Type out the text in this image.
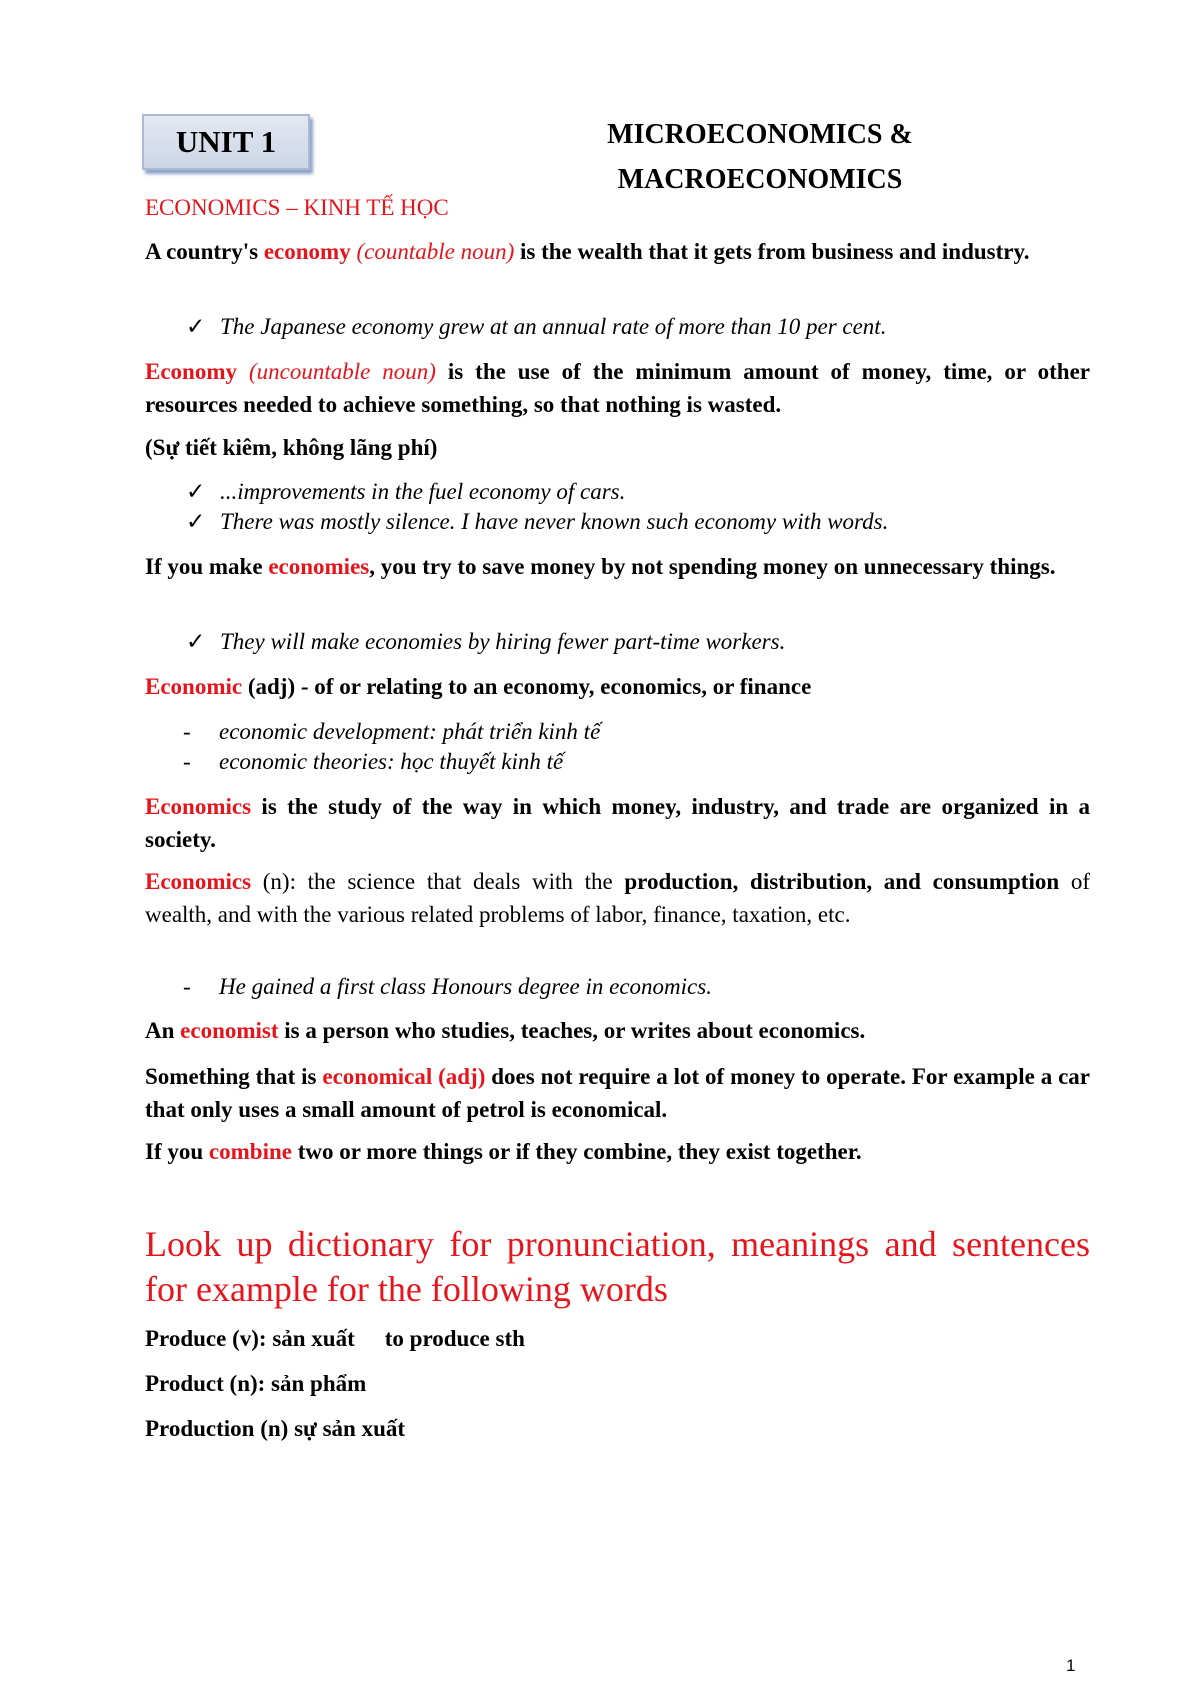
UNIT 1	MICROECONOMICS &
MACROECONOMICS
ECONOMICS – KINH TẾ HỌC
A country's economy (countable noun) is the wealth that it gets from business and industry.
✓ The Japanese economy grew at an annual rate of more than 10 per cent.
Economy (uncountable noun) is the use of the minimum amount of money, time, or other resources needed to achieve something, so that nothing is wasted.
(Sự tiết kiêm, không lãng phí)
✓ ...improvements in the fuel economy of cars.
✓ There was mostly silence. I have never known such economy with words.
If you make economies, you try to save money by not spending money on unnecessary things.
✓ They will make economies by hiring fewer part-time workers.
Economic (adj) - of or relating to an economy, economics, or finance
- economic development: phát triển kinh tế
- economic theories: học thuyết kinh tế
Economics is the study of the way in which money, industry, and trade are organized in a society.
Economics (n): the science that deals with the production, distribution, and consumption of wealth, and with the various related problems of labor, finance, taxation, etc.
- He gained a first class Honours degree in economics.
An economist is a person who studies, teaches, or writes about economics.
Something that is economical (adj) does not require a lot of money to operate. For example a car that only uses a small amount of petrol is economical.
If you combine two or more things or if they combine, they exist together.
Look up dictionary for pronunciation, meanings and sentences for example for the following words
Produce (v): sản xuất to produce sth
Product (n): sản phẩm
Production (n) sự sản xuất
1
